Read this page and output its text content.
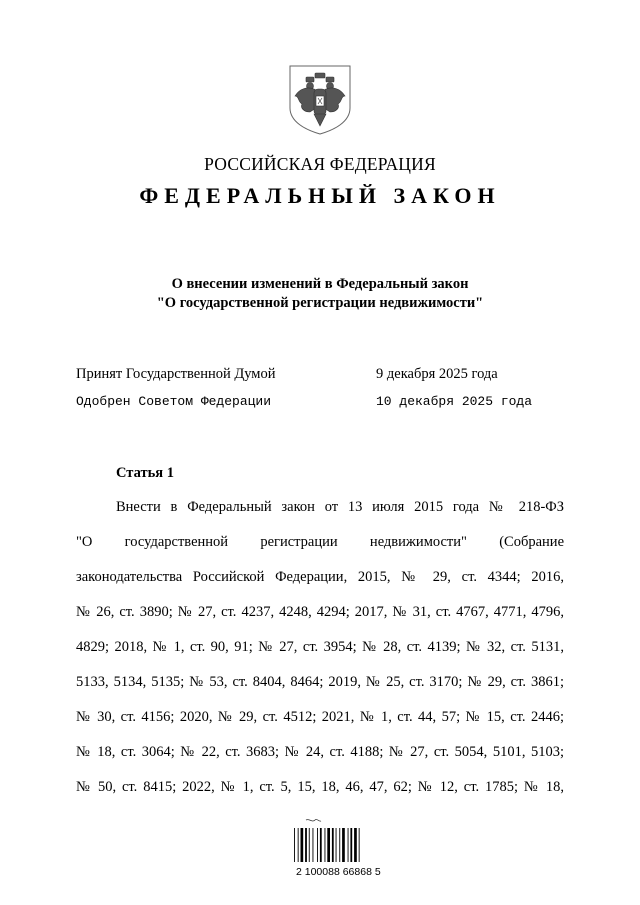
РОССИЙСКАЯ ФЕДЕРАЦИЯ
ФЕДЕРАЛЬНЫЙ ЗАКОН
О внесении изменений в Федеральный закон
"О государственной регистрации недвижимости"
Принят Государственной Думой	9 декабря 2025 года
Одобрен Советом Федерации	10 декабря 2025 года
Статья 1
Внести в Федеральный закон от 13 июля 2015 года № 218-ФЗ
"О государственной регистрации недвижимости" (Собрание
законодательства Российской Федерации, 2015, № 29, ст. 4344; 2016,
№ 26, ст. 3890; № 27, ст. 4237, 4248, 4294; 2017, № 31, ст. 4767, 4771, 4796,
4829; 2018, № 1, ст. 90, 91; № 27, ст. 3954; № 28, ст. 4139; № 32, ст. 5131,
5133, 5134, 5135; № 53, ст. 8404, 8464; 2019, № 25, ст. 3170; № 29, ст. 3861;
№ 30, ст. 4156; 2020, № 29, ст. 4512; 2021, № 1, ст. 44, 57; № 15, ст. 2446;
№ 18, ст. 3064; № 22, ст. 3683; № 24, ст. 4188; № 27, ст. 5054, 5101, 5103;
№ 50, ст. 8415; 2022, № 1, ст. 5, 15, 18, 46, 47, 62; № 12, ст. 1785; № 18,
2 100088 66868 5
